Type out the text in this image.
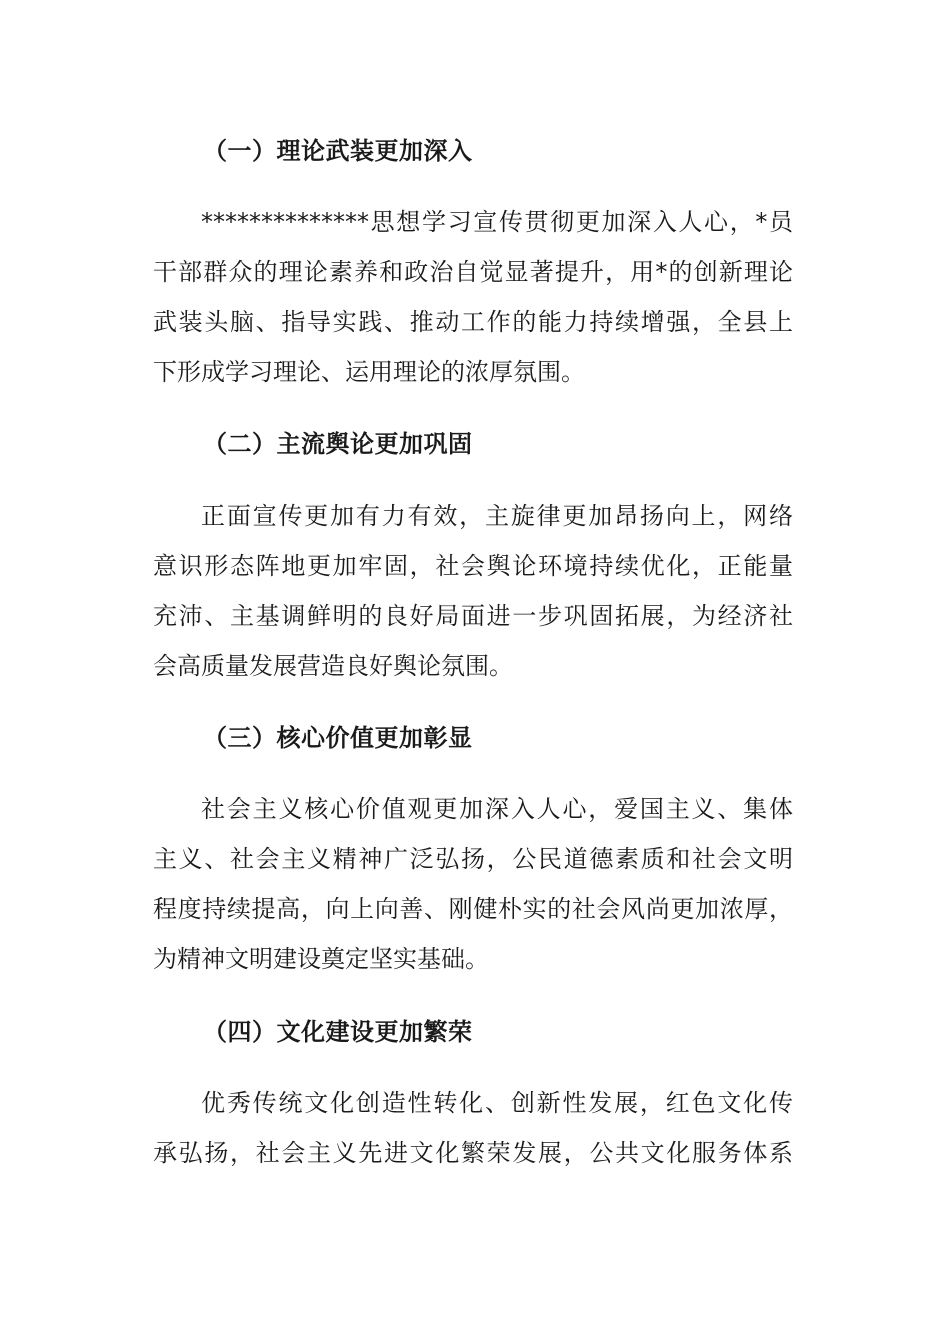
（一）理论武装更加深入
**************思想学习宣传贯彻更加深入人心，*员
干部群众的理论素养和政治自觉显著提升，用*的创新理论
武装头脑、指导实践、推动工作的能力持续增强，全县上
下形成学习理论、运用理论的浓厚氛围。
（二）主流舆论更加巩固
正面宣传更加有力有效，主旋律更加昂扬向上，网络
意识形态阵地更加牢固，社会舆论环境持续优化，正能量
充沛、主基调鲜明的良好局面进一步巩固拓展，为经济社
会高质量发展营造良好舆论氛围。
（三）核心价值更加彰显
社会主义核心价值观更加深入人心，爱国主义、集体
主义、社会主义精神广泛弘扬，公民道德素质和社会文明
程度持续提高，向上向善、刚健朴实的社会风尚更加浓厚，
为精神文明建设奠定坚实基础。
（四）文化建设更加繁荣
优秀传统文化创造性转化、创新性发展，红色文化传
承弘扬，社会主义先进文化繁荣发展，公共文化服务体系
